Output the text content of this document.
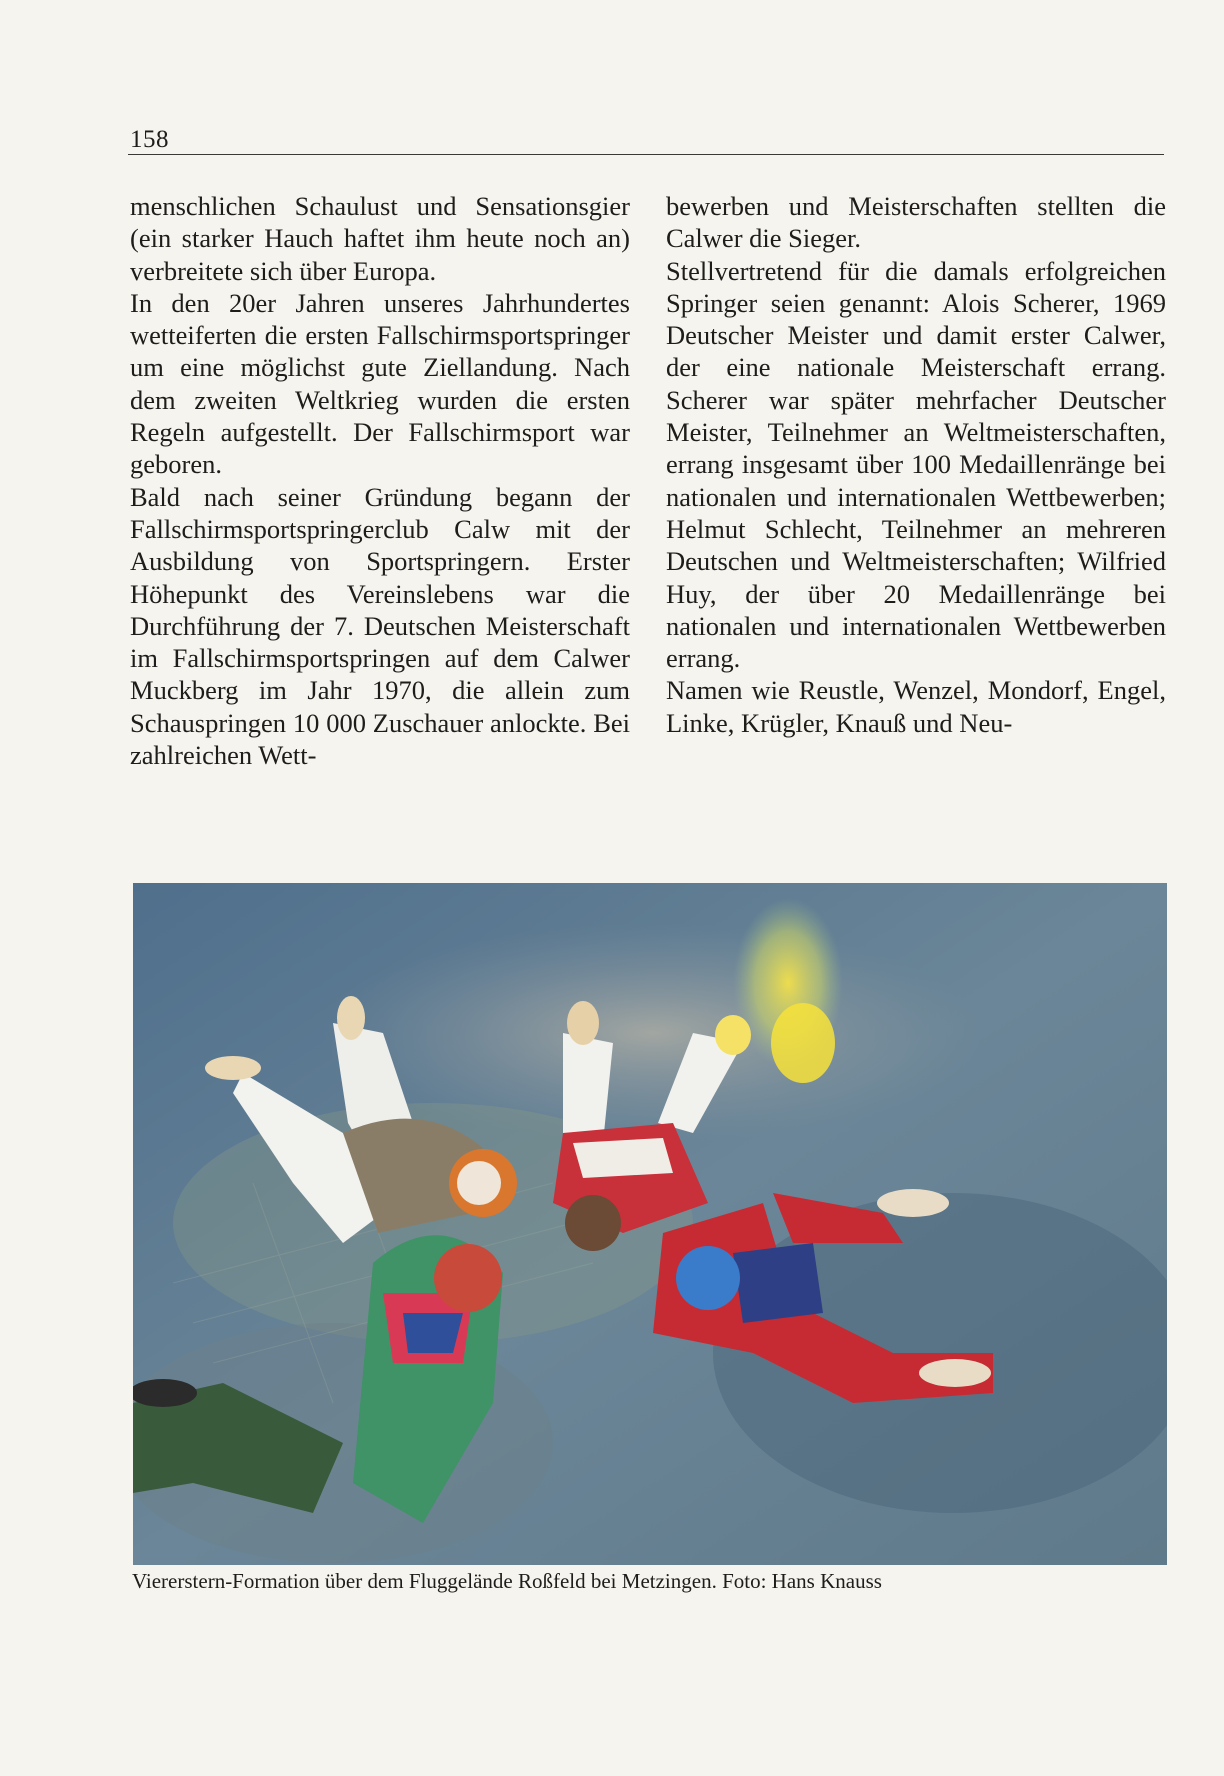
158

menschlichen Schaulust und Sensationsgier (ein starker Hauch haftet ihm heute noch an) verbreitete sich über Europa.

In den 20er Jahren unseres Jahrhundertes wetteiferten die ersten Fallschirmsportspringer um eine möglichst gute Ziellandung. Nach dem zweiten Weltkrieg wurden die ersten Regeln aufgestellt. Der Fallschirmsport war geboren.

Bald nach seiner Gründung begann der Fallschirmsportspringerclub Calw mit der Ausbildung von Sportspringern. Erster Höhepunkt des Vereinslebens war die Durchführung der 7. Deutschen Meisterschaft im Fallschirmsportspringen auf dem Calwer Muckberg im Jahr 1970, die allein zum Schauspringen 10 000 Zuschauer anlockte. Bei zahlreichen Wett-

bewerben und Meisterschaften stellten die Calwer die Sieger.

Stellvertretend für die damals erfolgreichen Springer seien genannt: Alois Scherer, 1969 Deutscher Meister und damit erster Calwer, der eine nationale Meisterschaft errang. Scherer war später mehrfacher Deutscher Meister, Teilnehmer an Weltmeisterschaften, errang insgesamt über 100 Medaillenränge bei nationalen und internationalen Wettbewerben; Helmut Schlecht, Teilnehmer an mehreren Deutschen und Weltmeisterschaften; Wilfried Huy, der über 20 Medaillenränge bei nationalen und internationalen Wettbewerben errang.

Namen wie Reustle, Wenzel, Mondorf, Engel, Linke, Krügler, Knauß und Neu-

Viererstern-Formation über dem Fluggelände Roßfeld bei Metzingen. Foto: Hans Knauss
